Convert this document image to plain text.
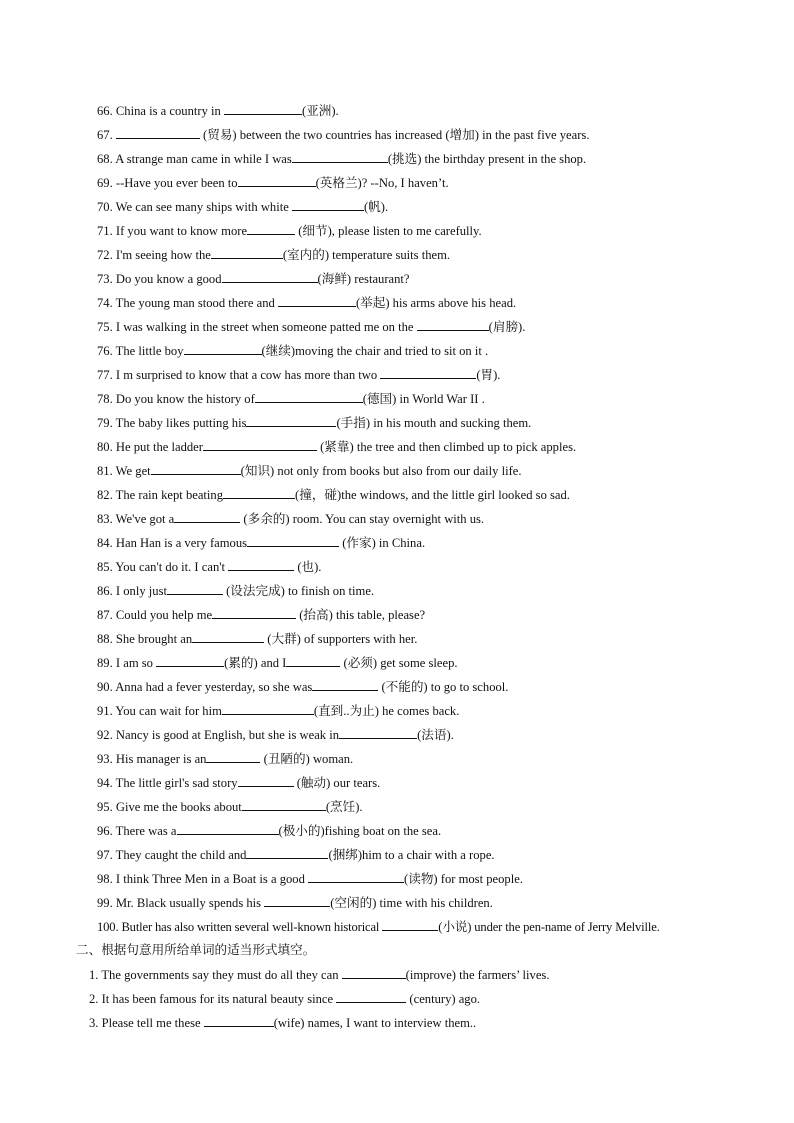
66. China is a country in	(亚洲).
67.	(贸易) between the two countries has increased (增加) in the past five years.
68. A strange man came in while I was	(挑选) the birthday present in the shop.
69. --Have you ever been to	(英格兰)? --No, I haven’t.
70. We can see many ships with white	(帆).
71. If you want to know more	(细节), please listen to me carefully.
72. I'm seeing how the	(室内的) temperature suits them.
73. Do you know a good	(海鲜) restaurant?
74. The young man stood there and	(举起) his arms above his head.
75. I was walking in the street when someone patted me on the	(肩膀).
76. The little boy	(继续)moving the chair and tried to sit on it .
77. I m surprised to know that a cow has more than two	(胃).
78. Do you know the history of	(德国) in World War II .
79. The baby likes putting his	(手指) in his mouth and sucking them.
80. He put the ladder	(紧靠) the tree and then climbed up to pick apples.
81. We get	(知识) not only from books but also from our daily life.
82. The rain kept beating	(撞，碰)the windows, and the little girl looked so sad.
83. We've got a	(多余的) room. You can stay overnight with us.
84. Han Han is a very famous	(作家) in China.
85. You can't do it. I can't	(也).
86. I only just	(设法完成) to finish on time.
87. Could you help me	(抬高) this table, please?
88. She brought an	(大群) of supporters with her.
89. I am so	(累的) and I	(必须) get some sleep.
90. Anna had a fever yesterday, so she was	(不能的) to go to school.
91. You can wait for him	(直到..为止) he comes back.
92. Nancy is good at English, but she is weak in	(法语).
93. His manager is an	(丑陋的) woman.
94. The little girl's sad story	(触动) our tears.
95. Give me the books about	(烹饪).
96. There was a	(极小的)fishing boat on the sea.
97. They caught the child and	(捆绑)him to a chair with a rope.
98. I think Three Men in a Boat is a good	(读物) for most people.
99. Mr. Black usually spends his	(空闲的) time with his children.
100. Butler has also written several well-known historical	(小说) under the pen-name of Jerry Melville.
二、根据句意用所给单词的适当形式填空。
1. The governments say they must do all they can	(improve) the farmers’ lives.
2. It has been famous for its natural beauty since	(century) ago.
3. Please tell me these	(wife) names, I want to interview them..
